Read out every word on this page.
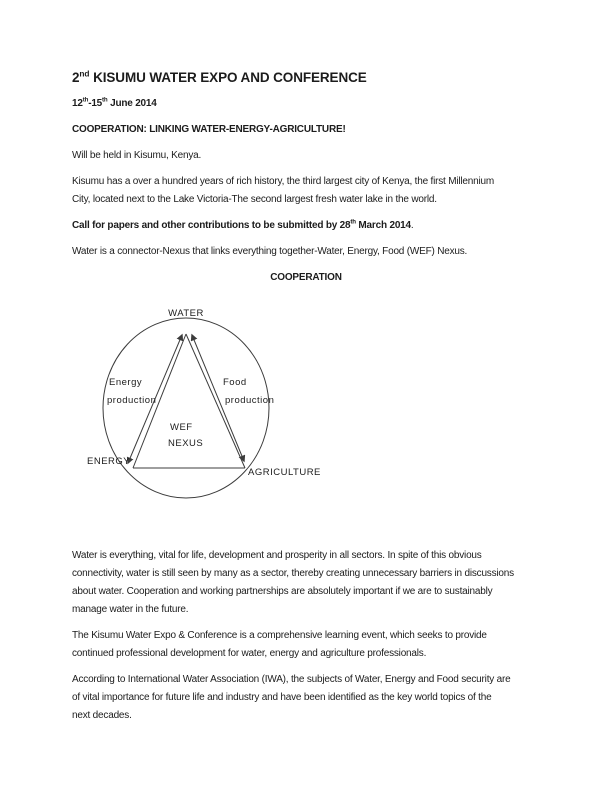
2nd KISUMU WATER EXPO AND CONFERENCE
12th-15th June 2014
COOPERATION: LINKING WATER-ENERGY-AGRICULTURE!
Will be held in Kisumu, Kenya.
Kisumu has a over a hundred years of rich history, the third largest city of Kenya, the first Millennium
City, located next to the Lake Victoria-The second largest fresh water lake in the world.
Call for papers and other contributions to be submitted by 28th March 2014.
Water is a connector-Nexus that links everything together-Water, Energy, Food (WEF) Nexus.
COOPERATION
WATER
Energy
production
Food
production
WEF
NEXUS
ENERGY
AGRICULTURE
Water is everything, vital for life, development and prosperity in all sectors. In spite of this obvious
connectivity, water is still seen by many as a sector, thereby creating unnecessary barriers in discussions
about water. Cooperation and working partnerships are absolutely important if we are to sustainably
manage water in the future.
The Kisumu Water Expo & Conference is a comprehensive learning event, which seeks to provide
continued professional development for water, energy and agriculture professionals.
According to International Water Association (IWA), the subjects of Water, Energy and Food security are
of vital importance for future life and industry and have been identified as the key world topics of the
next decades.
